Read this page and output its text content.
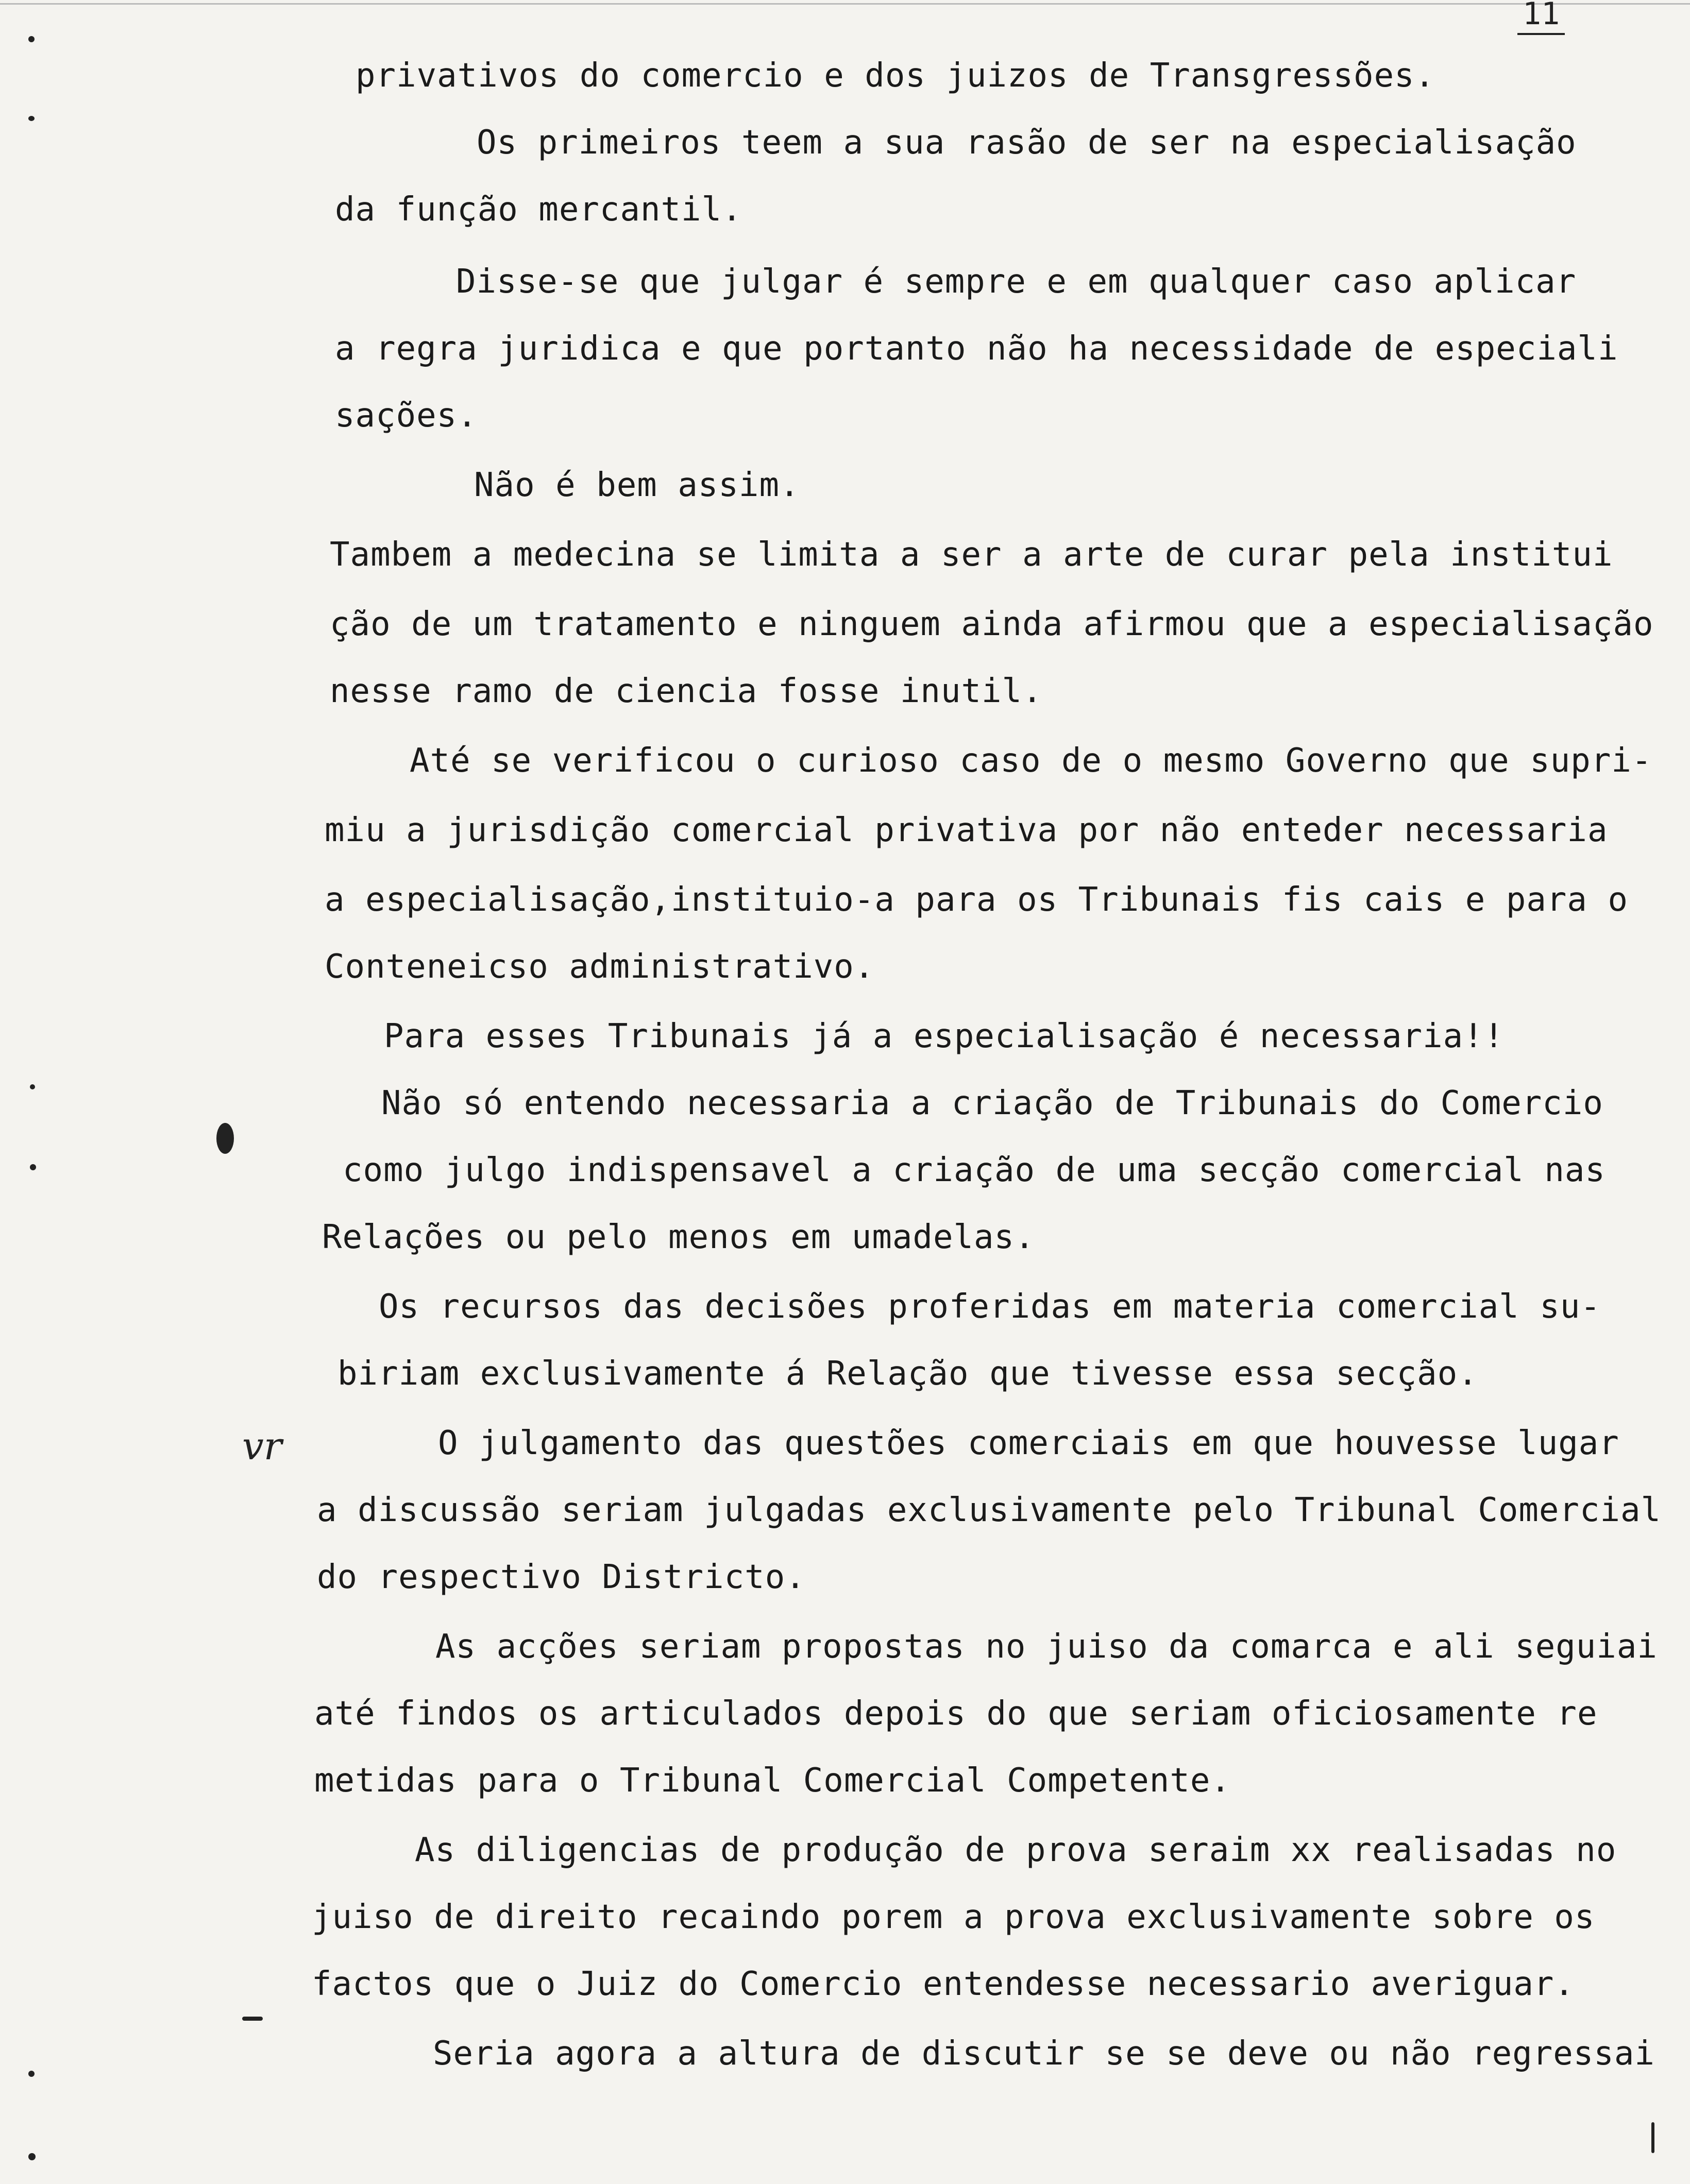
11
vr
privativos do comercio e dos juizos de Transgressões.
Os primeiros teem a sua rasão de ser na especialisação
da função mercantil.
Disse-se que julgar é sempre e em qualquer caso aplicar
a regra juridica e que portanto não ha necessidade de especiali
sações.
Não é bem assim.
Tambem a medecina se limita a ser a arte de curar pela institui
ção de um tratamento e ninguem ainda afirmou que a especialisação
nesse ramo de ciencia fosse inutil.
Até se verificou o curioso caso de o mesmo Governo que supri-
miu a jurisdição comercial privativa por não enteder necessaria
a especialisação,instituio-a para os Tribunais fis cais e para o
Conteneicso administrativo.
Para esses Tribunais já a especialisação é necessaria!!
Não só entendo necessaria a criação de Tribunais do Comercio
como julgo indispensavel a criação de uma secção comercial nas
Relações ou pelo menos em umadelas.
Os recursos das decisões proferidas em materia comercial su-
biriam exclusivamente á Relação que tivesse essa secção.
O julgamento das questões comerciais em que houvesse lugar
a discussão seriam julgadas exclusivamente pelo Tribunal Comercial
do respectivo Districto.
As acções seriam propostas no juiso da comarca e ali seguiai
até findos os articulados depois do que seriam oficiosamente re
metidas para o Tribunal Comercial Competente.
As diligencias de produção de prova seraim xx realisadas no
juiso de direito recaindo porem a prova exclusivamente sobre os
factos que o Juiz do Comercio entendesse necessario averiguar.
Seria agora a altura de discutir se se deve ou não regressai
